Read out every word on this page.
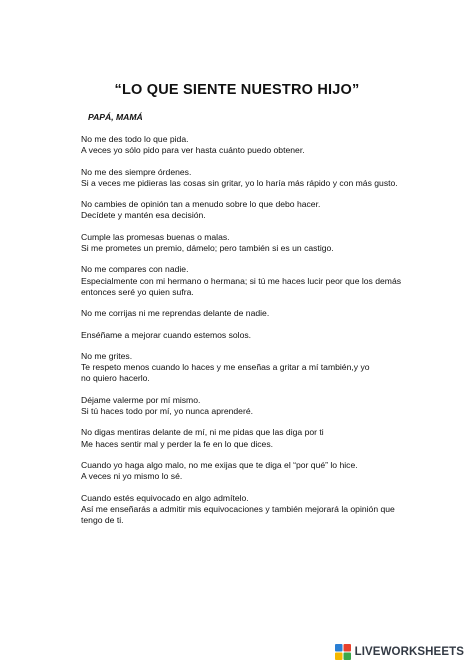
“LO QUE SIENTE NUESTRO HIJO”

PAPÁ, MAMÁ

No me des todo lo que pida.
A veces yo sólo pido para ver hasta cuánto puedo obtener.

No me des siempre órdenes.
Si a veces me pidieras las cosas sin gritar, yo lo haría más rápido y con más gusto.

No cambies de opinión tan a menudo sobre lo que debo hacer.
Decídete y mantén esa decisión.

Cumple las promesas buenas o malas.
Si me prometes un premio, dámelo; pero también si es un castigo.

No me compares con nadie.
Especialmente con mi hermano o hermana; si tú me haces lucir peor que los demás
entonces seré yo quien sufra.

No me corrijas ni me reprendas delante de nadie.

Enséñame a mejorar cuando estemos solos.

No me grites.
Te respeto menos cuando lo haces y me enseñas a gritar a mí también,y yo
no quiero hacerlo.

Déjame valerme por mí mismo.
Si tú haces todo por mí, yo nunca aprenderé.

No digas mentiras delante de mí, ni me pidas que las diga por ti
Me haces sentir mal y perder la fe en lo que dices.

Cuando yo haga algo malo, no me exijas que te diga el “por qué” lo hice.
A veces ni yo mismo lo sé.

Cuando estés equivocado en algo admítelo.
Así me enseñarás a admitir mis equivocaciones y también mejorará la opinión que
tengo de ti.

LIVEWORKSHEETS
